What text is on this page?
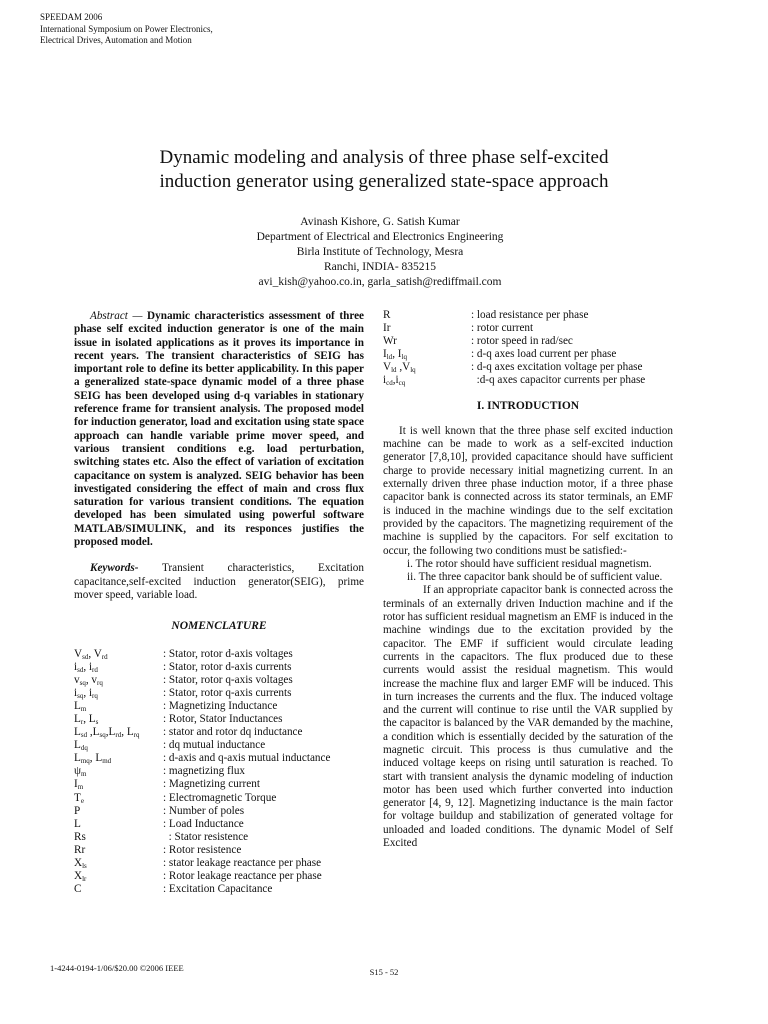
SPEEDAM 2006
International Symposium on Power Electronics,
Electrical Drives, Automation and Motion
Dynamic modeling and analysis of three phase self-excited
induction generator using generalized state-space approach
Avinash Kishore, G. Satish Kumar
Department of Electrical and Electronics Engineering
Birla Institute of Technology, Mesra
Ranchi, INDIA- 835215
avi_kish@yahoo.co.in, garla_satish@rediffmail.com

Abstract — Dynamic characteristics assessment of three phase self excited induction generator is one of the main issue in isolated applications as it proves its importance in recent years. The transient characteristics of SEIG has important role to define its better applicability. In this paper a generalized state-space dynamic model of a three phase SEIG has been developed using d-q variables in stationary reference frame for transient analysis. The proposed model for induction generator, load and excitation using state space approach can handle variable prime mover speed, and various transient conditions e.g. load perturbation, switching states etc. Also the effect of variation of excitation capacitance on system is analyzed. SEIG behavior has been investigated considering the effect of main and cross flux saturation for various transient conditions. The equation developed has been simulated using powerful software MATLAB/SIMULINK, and its responces justifies the proposed model.

Keywords- Transient characteristics, Excitation capacitance,self-excited induction generator(SEIG), prime mover speed, variable load.

NOMENCLATURE
$V_{sd}$, $V_{rd}$	: Stator, rotor d-axis voltages
$i_{sd}$, $i_{rd}$	: Stator, rotor d-axis currents
$v_{sq}$, $v_{rq}$	: Stator, rotor q-axis voltages
$i_{sq}$, $i_{rq}$	: Stator, rotor q-axis currents
$L_m$	: Magnetizing Inductance
$L_r$, $L_s$	: Rotor, Stator Inductances
$L_{sd}$ $,L_{sq},L_{rd}$, $L_{rq}$	: stator and rotor dq inductance
$L_{dq}$	: dq mutual inductance
$L_{mq}$, $L_{md}$	: d-axis and q-axis mutual inductance
$\psi_m$	: magnetizing flux
$I_m$	: Magnetizing current
$T_e$	: Electromagnetic Torque
P	: Number of poles
L	: Load Inductance
Rs	: Stator resistence
Rr	: Rotor resistence
$X_{ls}$	: stator leakage reactance per phase
$X_{lr}$	: Rotor leakage reactance per phase
C	: Excitation Capacitance
R	: load resistance per phase
Ir	: rotor current
Wr	: rotor speed in rad/sec
$I_{ld}$, $I_{lq}$	: d-q axes load current per phase
$V_{ld}$ $,V_{lq}$	: d-q axes excitation voltage per phase
$i_{cd},i_{cq}$	:d-q axes capacitor currents per phase
I. INTRODUCTION

It is well known that the three phase self excited induction machine can be made to work as a self-excited induction generator [7,8,10], provided capacitance should have sufficient charge to provide necessary initial magnetizing current. In an externally driven three phase induction motor, if a three phase capacitor bank is connected across its stator terminals, an EMF is induced in the machine windings due to the self excitation provided by the capacitors. The magnetizing requirement of the machine is supplied by the capacitors. For self excitation to occur, the following two conditions must be satisfied:-

i. The rotor should have sufficient residual magnetism.

ii. The three capacitor bank should be of sufficient value.

If an appropriate capacitor bank is connected across the terminals of an externally driven Induction machine and if the rotor has sufficient residual magnetism an EMF is induced in the machine windings due to the excitation provided by the capacitor. The EMF if sufficient would circulate leading currents in the capacitors. The flux produced due to these currents would assist the residual magnetism. This would increase the machine flux and larger EMF will be induced. This in turn increases the currents and the flux. The induced voltage and the current will continue to rise until the VAR supplied by the capacitor is balanced by the VAR demanded by the machine, a condition which is essentially decided by the saturation of the magnetic circuit. This process is thus cumulative and the induced voltage keeps on rising until saturation is reached. To start with transient analysis the dynamic modeling of induction motor has been used which further converted into induction generator [4, 9, 12]. Magnetizing inductance is the main factor for voltage buildup and stabilization of generated voltage for unloaded and loaded conditions. The dynamic Model of Self Excited

1-4244-0194-1/06/$20.00 ©2006 IEEE	S15 - 52
